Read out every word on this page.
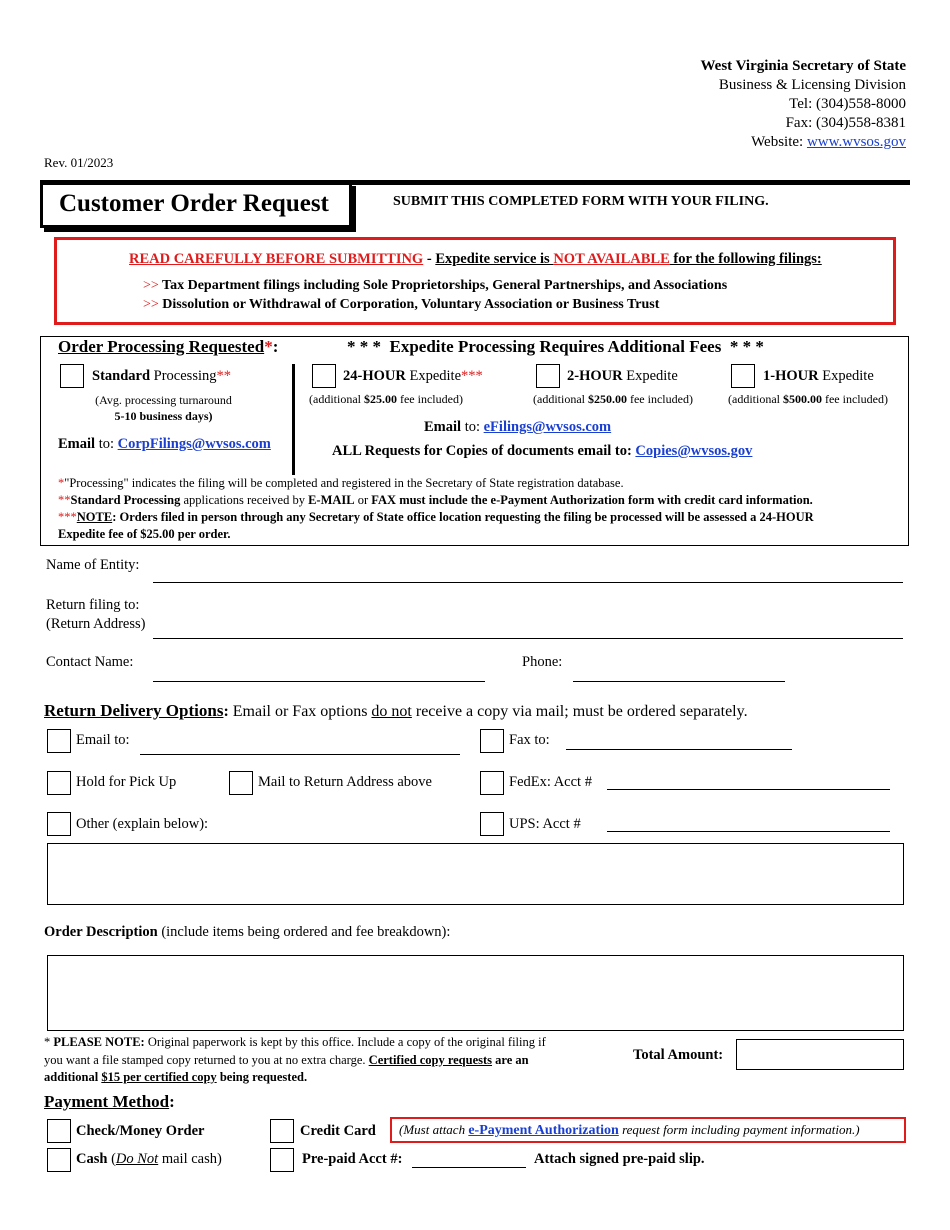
West Virginia Secretary of State
Business & Licensing Division
Tel: (304)558-8000
Fax: (304)558-8381
Website: www.wvsos.gov
Rev. 01/2023
Customer Order Request	SUBMIT THIS COMPLETED FORM WITH YOUR FILING.
READ CAREFULLY BEFORE SUBMITTING - Expedite service is NOT AVAILABLE for the following filings:
>> Tax Department filings including Sole Proprietorships, General Partnerships, and Associations
>> Dissolution or Withdrawal of Corporation, Voluntary Association or Business Trust
Order Processing Requested*:	* * *  Expedite Processing Requires Additional Fees  * * *
Standard Processing**
(Avg. processing turnaround
5-10 business days)
Email to: CorpFilings@wvsos.com
24-HOUR Expedite***
(additional $25.00 fee included)
2-HOUR Expedite
(additional $250.00 fee included)
1-HOUR Expedite
(additional $500.00 fee included)
Email to: eFilings@wvsos.com
ALL Requests for Copies of documents email to: Copies@wvsos.gov
*"Processing" indicates the filing will be completed and registered in the Secretary of State registration database.
**Standard Processing applications received by E-MAIL or FAX must include the e-Payment Authorization form with credit card information.
***NOTE: Orders filed in person through any Secretary of State office location requesting the filing be processed will be assessed a 24-HOUR
Expedite fee of $25.00 per order.
Name of Entity:
Return filing to:
(Return Address)
Contact Name:	Phone:
Return Delivery Options: Email or Fax options do not receive a copy via mail; must be ordered separately.
Email to:	Fax to:
Hold for Pick Up	Mail to Return Address above	FedEx: Acct #
Other (explain below):	UPS: Acct #
Order Description (include items being ordered and fee breakdown):
* PLEASE NOTE: Original paperwork is kept by this office. Include a copy of the original filing if
you want a file stamped copy returned to you at no extra charge. Certified copy requests are an
additional $15 per certified copy being requested.
Total Amount:
Payment Method:
Check/Money Order	Credit Card	(Must attach e-Payment Authorization request form including payment information.)
Cash (Do Not mail cash)	Pre-paid Acct #:	Attach signed pre-paid slip.
